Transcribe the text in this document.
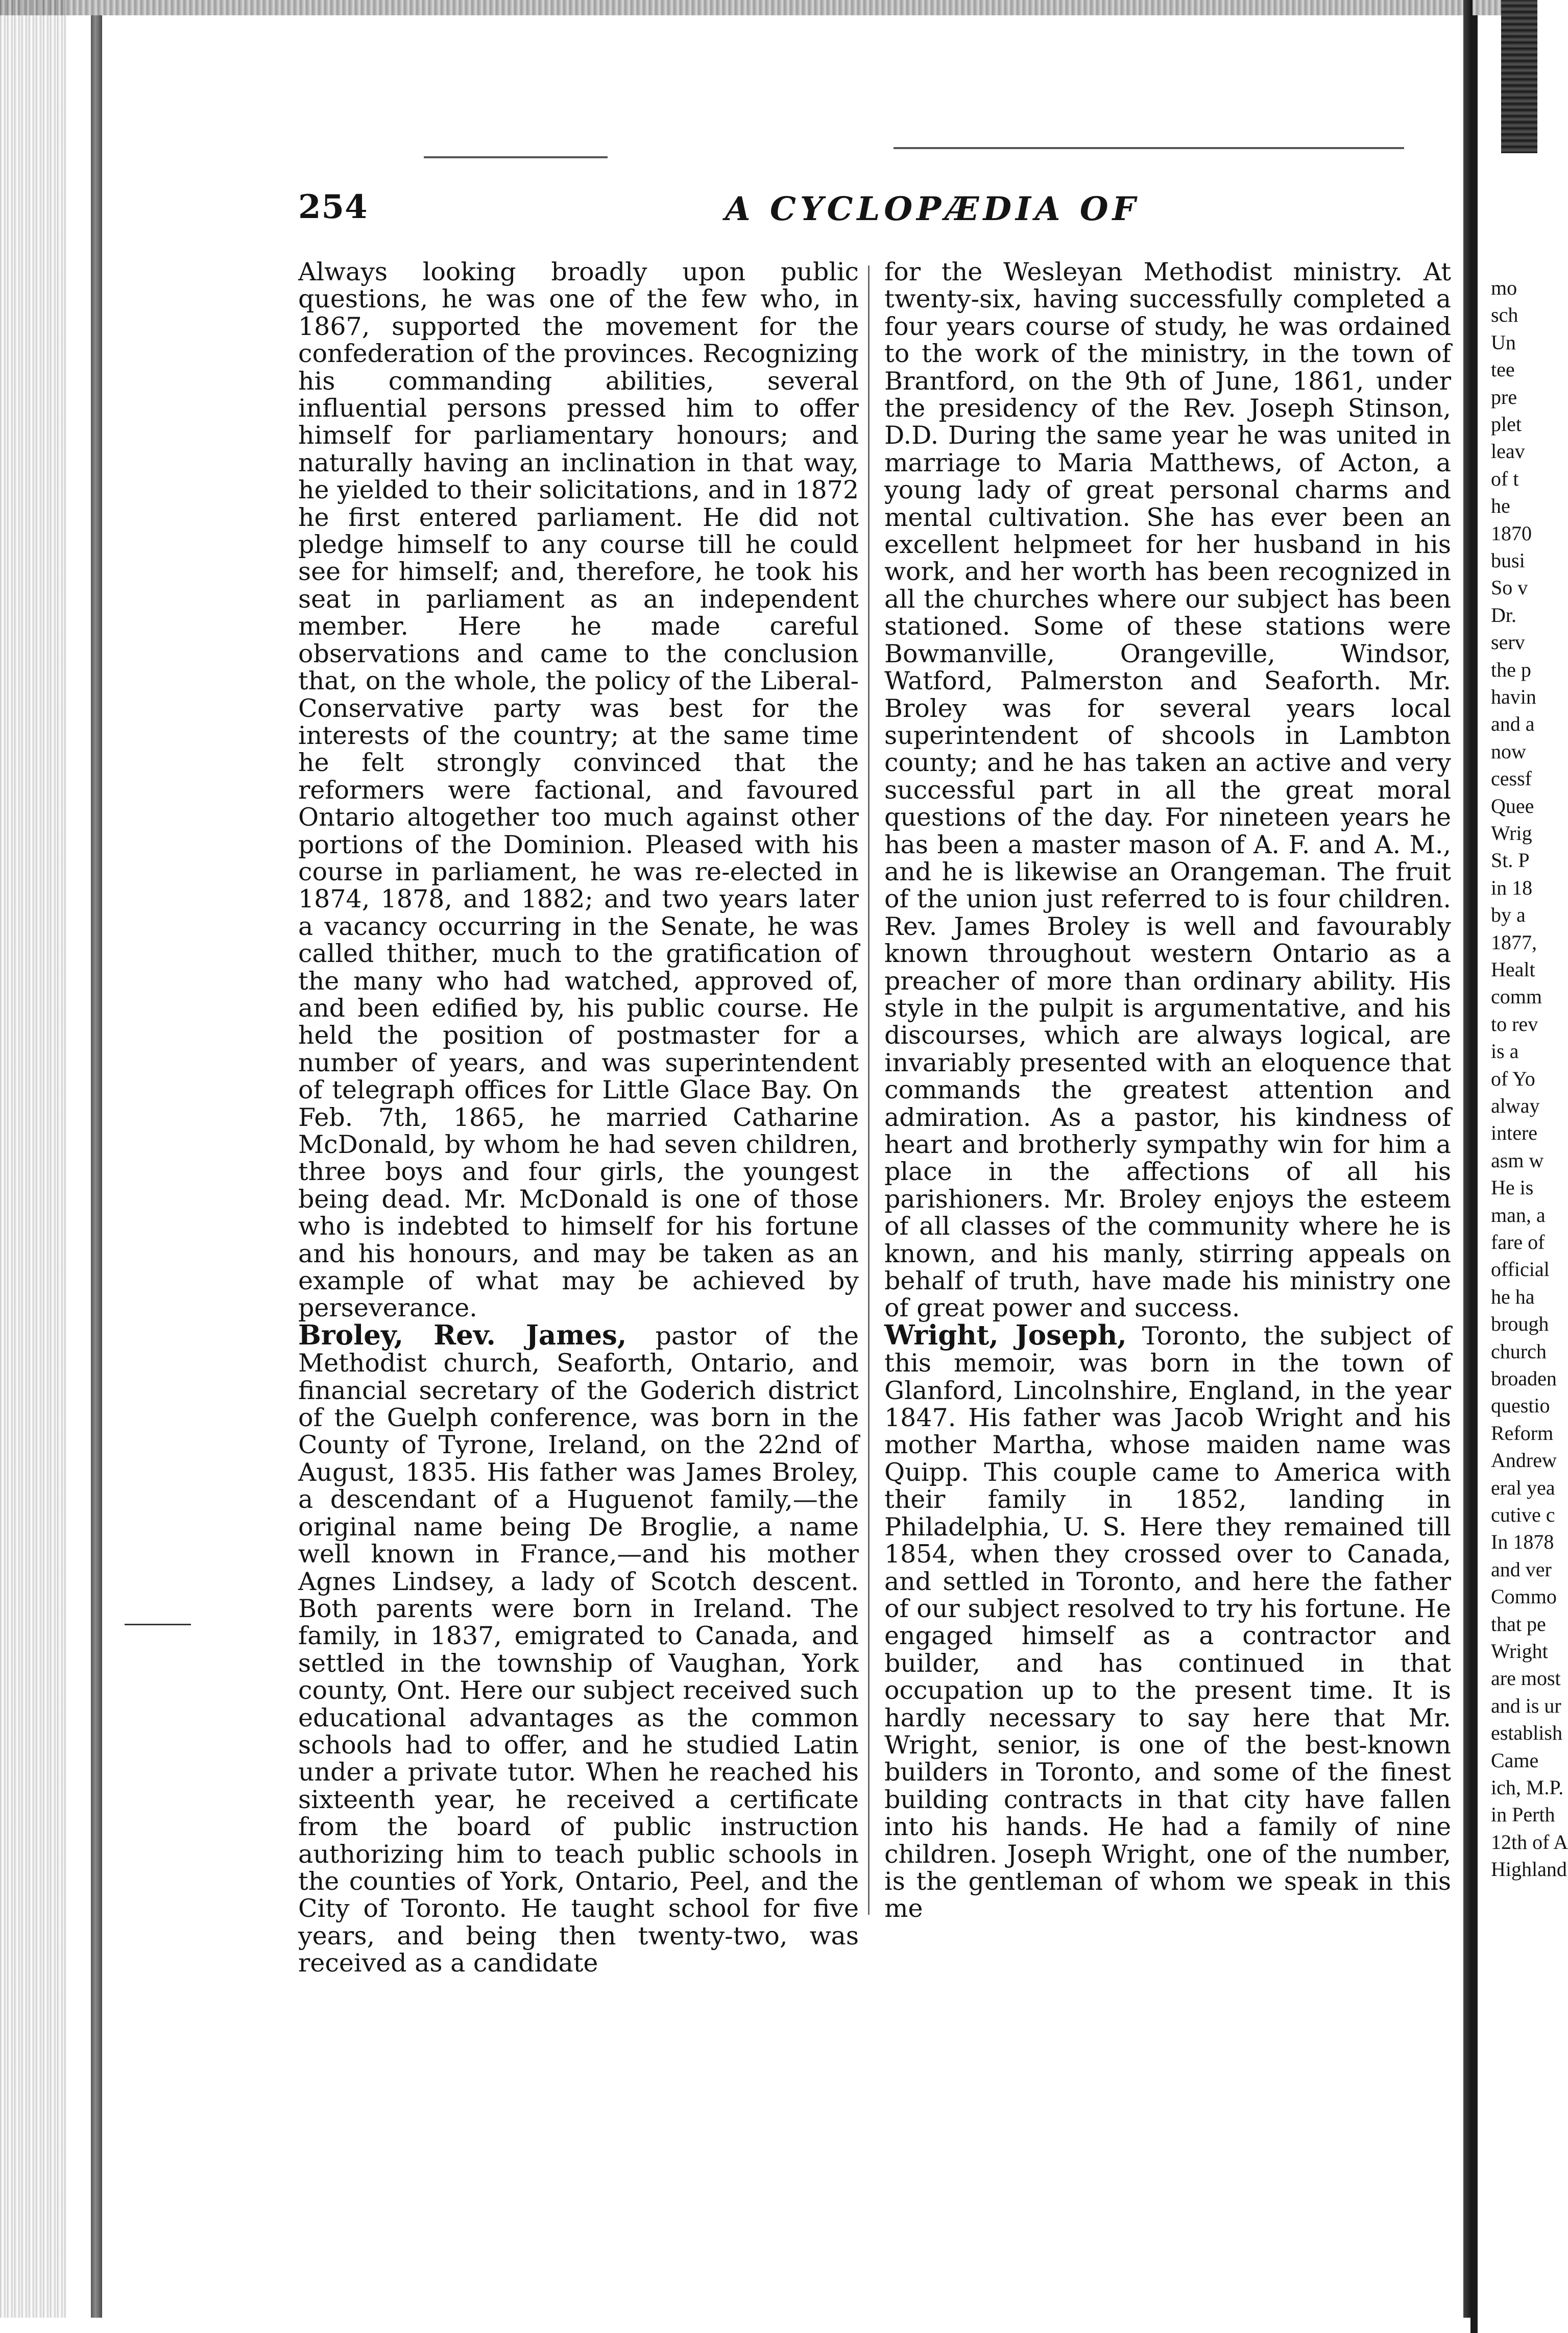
254	A CYCLOPÆDIA OF

Always looking broadly upon public questions, he was one of the few who, in 1867, supported the movement for the confederation of the provinces. Recognizing his commanding abilities, several influential persons pressed him to offer himself for parliamentary honours; and naturally having an inclination in that way, he yielded to their solicitations, and in 1872 he first entered parliament. He did not pledge himself to any course till he could see for himself; and, therefore, he took his seat in parliament as an independent member. Here he made careful observations and came to the conclusion that, on the whole, the policy of the Liberal-Conservative party was best for the interests of the country; at the same time he felt strongly convinced that the reformers were factional, and favoured Ontario altogether too much against other portions of the Dominion. Pleased with his course in parliament, he was re-elected in 1874, 1878, and 1882; and two years later a vacancy occurring in the Senate, he was called thither, much to the gratification of the many who had watched, approved of, and been edified by, his public course. He held the position of postmaster for a number of years, and was superintendent of telegraph offices for Little Glace Bay. On Feb. 7th, 1865, he married Catharine McDonald, by whom he had seven children, three boys and four girls, the youngest being dead. Mr. McDonald is one of those who is indebted to himself for his fortune and his honours, and may be taken as an example of what may be achieved by perseverance.

Broley, Rev. James, pastor of the Methodist church, Seaforth, Ontario, and financial secretary of the Goderich district of the Guelph conference, was born in the County of Tyrone, Ireland, on the 22nd of August, 1835. His father was James Broley, a descendant of a Huguenot family,—the original name being De Broglie, a name well known in France,—and his mother Agnes Lindsey, a lady of Scotch descent. Both parents were born in Ireland. The family, in 1837, emigrated to Canada, and settled in the township of Vaughan, York county, Ont. Here our subject received such educational advantages as the common schools had to offer, and he studied Latin under a private tutor. When he reached his sixteenth year, he received a certificate from the board of public instruction authorizing him to teach public schools in the counties of York, Ontario, Peel, and the City of Toronto. He taught school for five years, and being then twenty-two, was received as a candidate

for the Wesleyan Methodist ministry. At twenty-six, having successfully completed a four years course of study, he was ordained to the work of the ministry, in the town of Brantford, on the 9th of June, 1861, under the presidency of the Rev. Joseph Stinson, D.D. During the same year he was united in marriage to Maria Matthews, of Acton, a young lady of great personal charms and mental cultivation. She has ever been an excellent helpmeet for her husband in his work, and her worth has been recognized in all the churches where our subject has been stationed. Some of these stations were Bowmanville, Orangeville, Windsor, Watford, Palmerston and Seaforth. Mr. Broley was for several years local superintendent of shcools in Lambton county; and he has taken an active and very successful part in all the great moral questions of the day. For nineteen years he has been a master mason of A. F. and A. M., and he is likewise an Orangeman. The fruit of the union just referred to is four children. Rev. James Broley is well and favourably known throughout western Ontario as a preacher of more than ordinary ability. His style in the pulpit is argumentative, and his discourses, which are always logical, are invariably presented with an eloquence that commands the greatest attention and admiration. As a pastor, his kindness of heart and brotherly sympathy win for him a place in the affections of all his parishioners. Mr. Broley enjoys the esteem of all classes of the community where he is known, and his manly, stirring appeals on behalf of truth, have made his ministry one of great power and success.

Wright, Joseph, Toronto, the subject of this memoir, was born in the town of Glanford, Lincolnshire, England, in the year 1847. His father was Jacob Wright and his mother Martha, whose maiden name was Quipp. This couple came to America with their family in 1852, landing in Philadelphia, U. S. Here they remained till 1854, when they crossed over to Canada, and settled in Toronto, and here the father of our subject resolved to try his fortune. He engaged himself as a contractor and builder, and has continued in that occupation up to the present time. It is hardly necessary to say here that Mr. Wright, senior, is one of the best-known builders in Toronto, and some of the finest building contracts in that city have fallen into his hands. He had a family of nine children. Joseph Wright, one of the number, is the gentleman of whom we speak in this me

mo
sch
Un
tee
pre
plet
leav
of t
he
1870
busi
So v
Dr.
serv
the p
havin
and a
now
cessf
Quee
Wrig
St. P
in 18
by a
1877,
Healt
comm
to rev
is a
of Yo
alway
intere
asm w
He is
man, a
fare of
official
he ha
brough
church
broaden
questio
Reform
Andrew
eral yea
cutive c
In 1878
and ver
Commo
that pe
Wright
are most
and is ur
establish
Came
ich, M.P.
in Perth
12th of A
Highland
